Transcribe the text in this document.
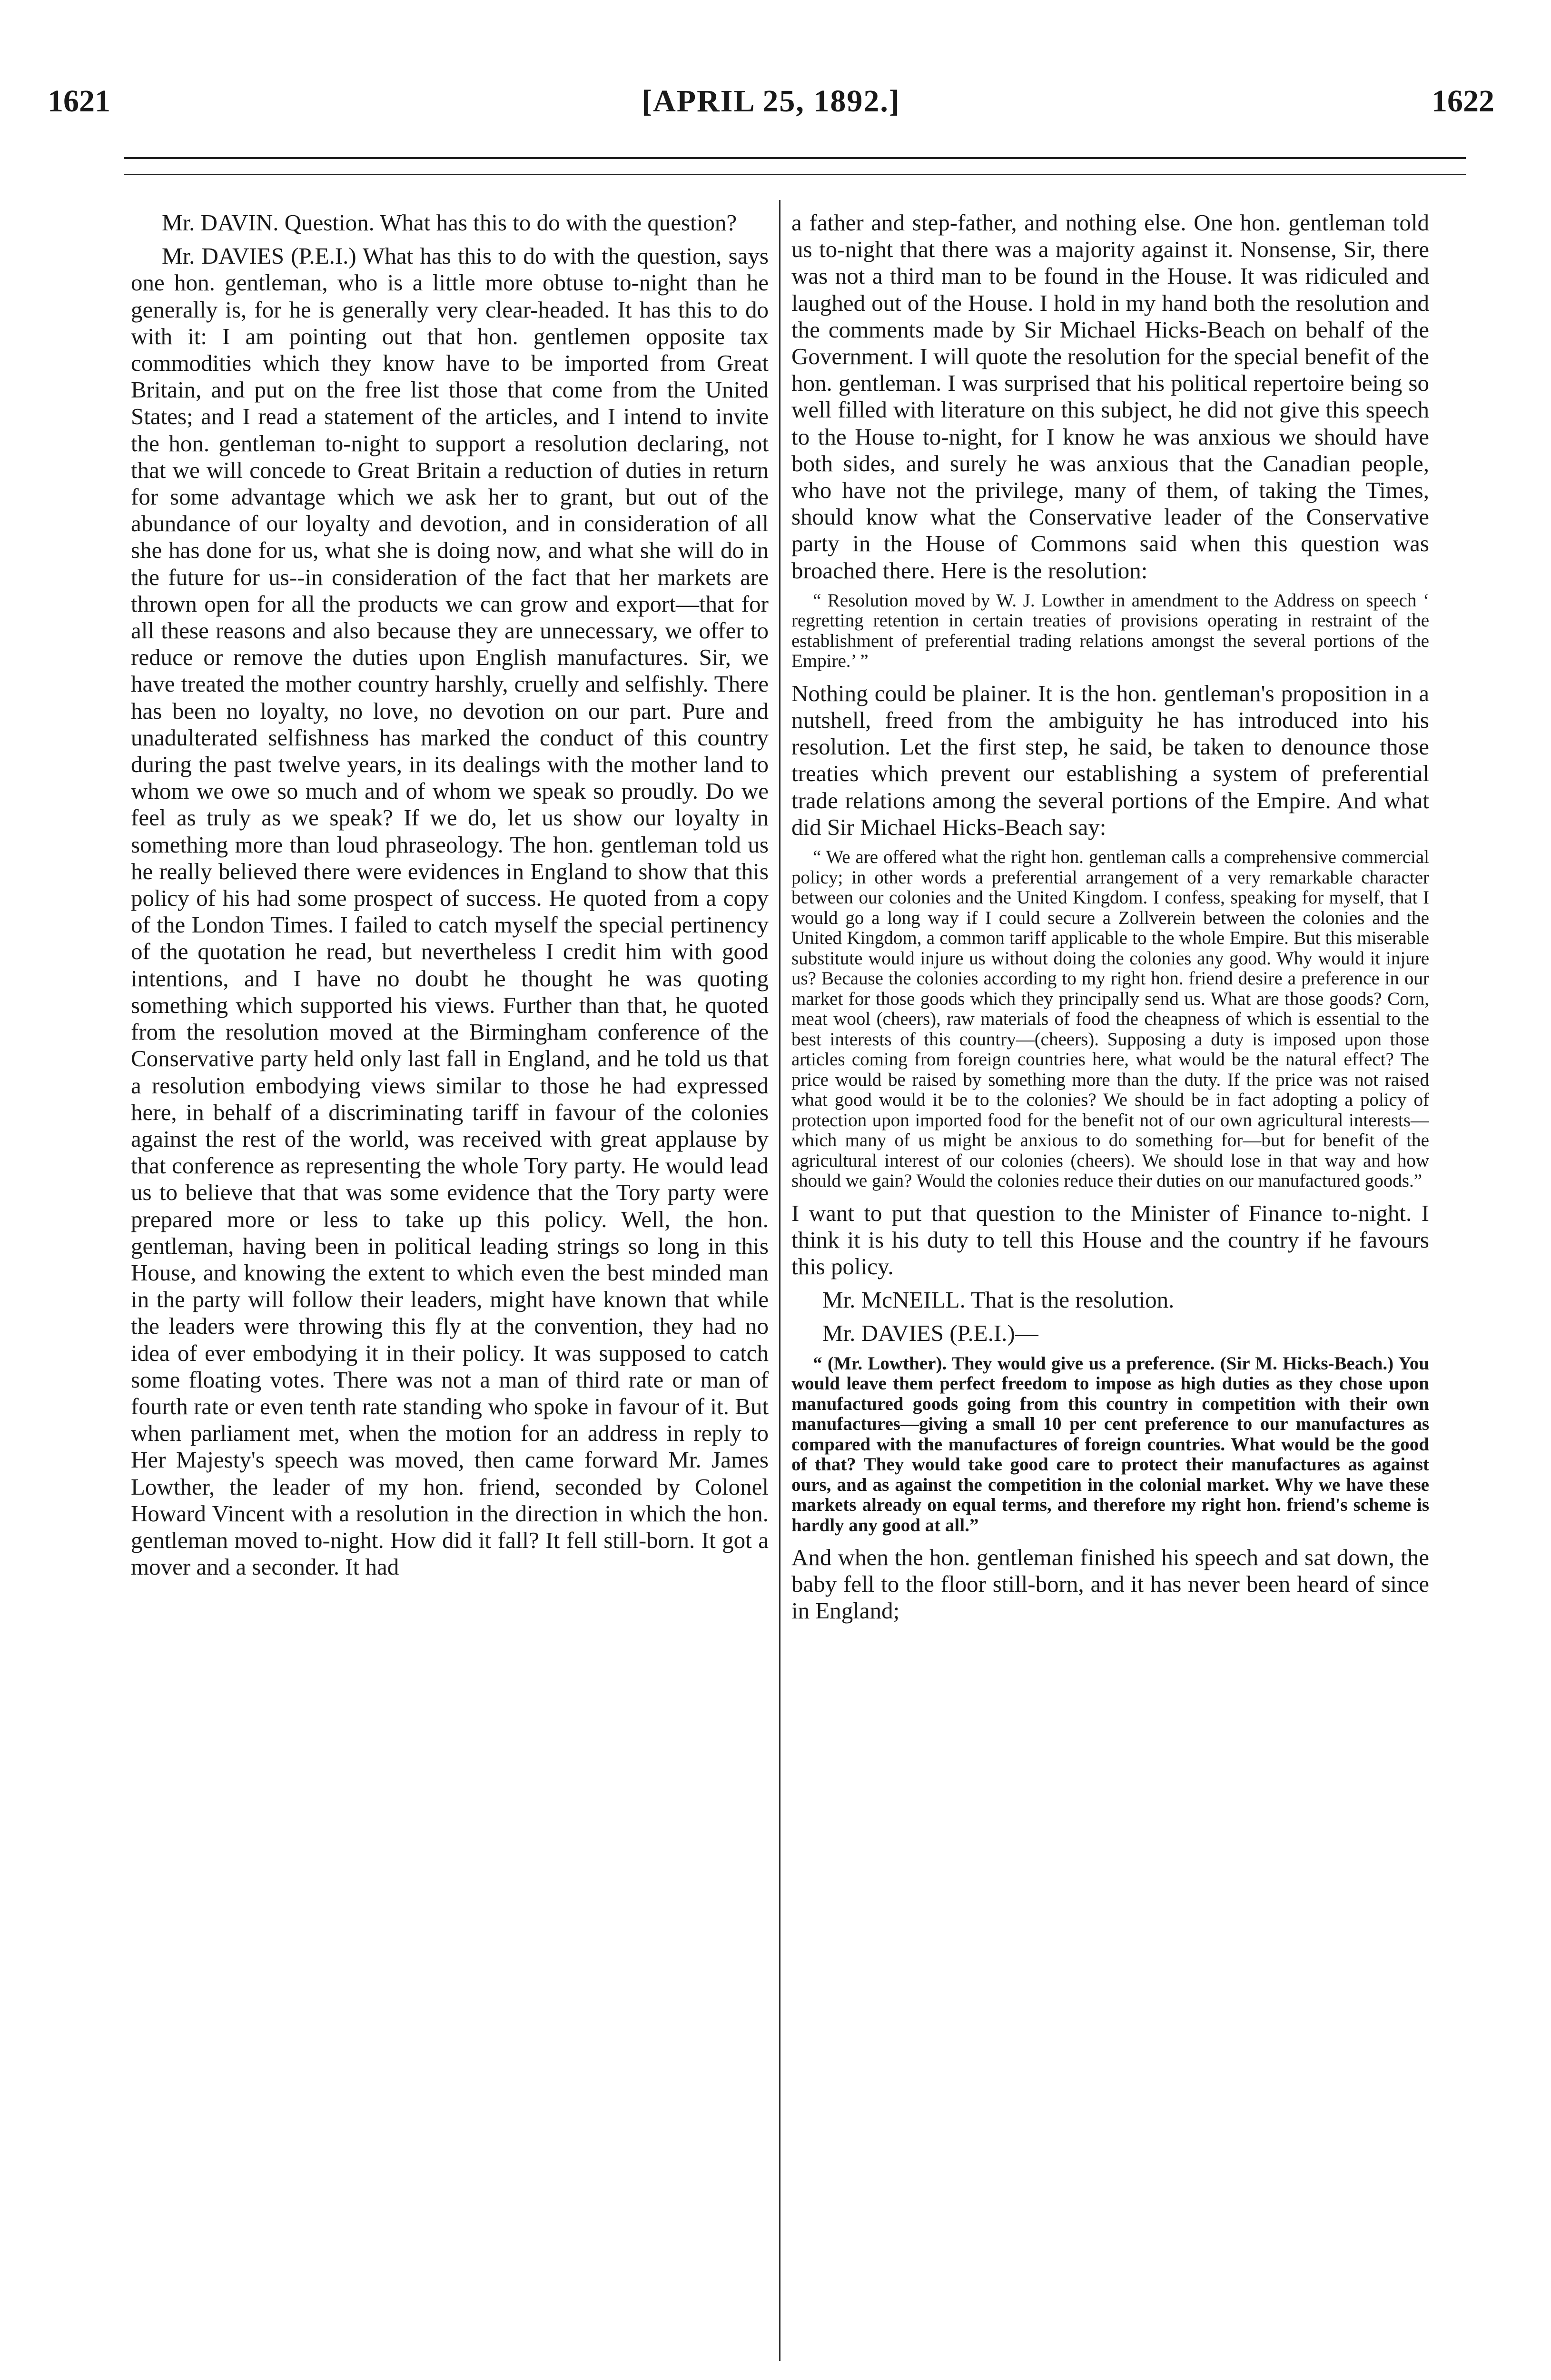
1621	[APRIL 25, 1892.]	1622

Mr. DAVIN. Question. What has this to do with the question?

Mr. DAVIES (P.E.I.) What has this to do with the question, says one hon. gentleman, who is a little more obtuse to-night than he generally is, for he is generally very clear-headed. It has this to do with it: I am pointing out that hon. gentlemen opposite tax commodities which they know have to be imported from Great Britain, and put on the free list those that come from the United States; and I read a statement of the articles, and I intend to invite the hon. gentleman to-night to support a resolution declaring, not that we will concede to Great Britain a reduction of duties in return for some advantage which we ask her to grant, but out of the abundance of our loyalty and devotion, and in consideration of all she has done for us, what she is doing now, and what she will do in the future for us--in consideration of the fact that her markets are thrown open for all the products we can grow and export—that for all these reasons and also because they are unnecessary, we offer to reduce or remove the duties upon English manufactures. Sir, we have treated the mother country harshly, cruelly and selfishly. There has been no loyalty, no love, no devotion on our part. Pure and unadulterated selfishness has marked the conduct of this country during the past twelve years, in its dealings with the mother land to whom we owe so much and of whom we speak so proudly. Do we feel as truly as we speak? If we do, let us show our loyalty in something more than loud phraseology. The hon. gentleman told us he really believed there were evidences in England to show that this policy of his had some prospect of success. He quoted from a copy of the London Times. I failed to catch myself the special pertinency of the quotation he read, but nevertheless I credit him with good intentions, and I have no doubt he thought he was quoting something which supported his views. Further than that, he quoted from the resolution moved at the Birmingham conference of the Conservative party held only last fall in England, and he told us that a resolution embodying views similar to those he had expressed here, in behalf of a discriminating tariff in favour of the colonies against the rest of the world, was received with great applause by that conference as representing the whole Tory party. He would lead us to believe that that was some evidence that the Tory party were prepared more or less to take up this policy. Well, the hon. gentleman, having been in political leading strings so long in this House, and knowing the extent to which even the best minded man in the party will follow their leaders, might have known that while the leaders were throwing this fly at the convention, they had no idea of ever embodying it in their policy. It was supposed to catch some floating votes. There was not a man of third rate or man of fourth rate or even tenth rate standing who spoke in favour of it. But when parliament met, when the motion for an address in reply to Her Majesty's speech was moved, then came forward Mr. James Lowther, the leader of my hon. friend, seconded by Colonel Howard Vincent with a resolution in the direction in which the hon. gentleman moved to-night. How did it fall? It fell still-born. It got a mover and a seconder. It had

a father and step-father, and nothing else. One hon. gentleman told us to-night that there was a majority against it. Nonsense, Sir, there was not a third man to be found in the House. It was ridiculed and laughed out of the House. I hold in my hand both the resolution and the comments made by Sir Michael Hicks-Beach on behalf of the Government. I will quote the resolution for the special benefit of the hon. gentleman. I was surprised that his political repertoire being so well filled with literature on this subject, he did not give this speech to the House to-night, for I know he was anxious we should have both sides, and surely he was anxious that the Canadian people, who have not the privilege, many of them, of taking the Times, should know what the Conservative leader of the Conservative party in the House of Commons said when this question was broached there. Here is the resolution:

“ Resolution moved by W. J. Lowther in amendment to the Address on speech ‘ regretting retention in certain treaties of provisions operating in restraint of the establishment of preferential trading relations amongst the several portions of the Empire.’ ”

Nothing could be plainer. It is the hon. gentleman's proposition in a nutshell, freed from the ambiguity he has introduced into his resolution. Let the first step, he said, be taken to denounce those treaties which prevent our establishing a system of preferential trade relations among the several portions of the Empire. And what did Sir Michael Hicks-Beach say:

“ We are offered what the right hon. gentleman calls a comprehensive commercial policy; in other words a preferential arrangement of a very remarkable character between our colonies and the United Kingdom. I confess, speaking for myself, that I would go a long way if I could secure a Zollverein between the colonies and the United Kingdom, a common tariff applicable to the whole Empire. But this miserable substitute would injure us without doing the colonies any good. Why would it injure us? Because the colonies according to my right hon. friend desire a preference in our market for those goods which they principally send us. What are those goods? Corn, meat wool (cheers), raw materials of food the cheapness of which is essential to the best interests of this country—(cheers). Supposing a duty is imposed upon those articles coming from foreign countries here, what would be the natural effect? The price would be raised by something more than the duty. If the price was not raised what good would it be to the colonies? We should be in fact adopting a policy of protection upon imported food for the benefit not of our own agricultural interests—which many of us might be anxious to do something for—but for benefit of the agricultural interest of our colonies (cheers). We should lose in that way and how should we gain? Would the colonies reduce their duties on our manufactured goods.”

I want to put that question to the Minister of Finance to-night. I think it is his duty to tell this House and the country if he favours this policy.

Mr. McNEILL. That is the resolution.

Mr. DAVIES (P.E.I.)—

“ (Mr. Lowther). They would give us a preference. (Sir M. Hicks-Beach.) You would leave them perfect freedom to impose as high duties as they chose upon manufactured goods going from this country in competition with their own manufactures—giving a small 10 per cent preference to our manufactures as compared with the manufactures of foreign countries. What would be the good of that? They would take good care to protect their manufactures as against ours, and as against the competition in the colonial market. Why we have these markets already on equal terms, and therefore my right hon. friend's scheme is hardly any good at all.”

And when the hon. gentleman finished his speech and sat down, the baby fell to the floor still-born, and it has never been heard of since in England;
